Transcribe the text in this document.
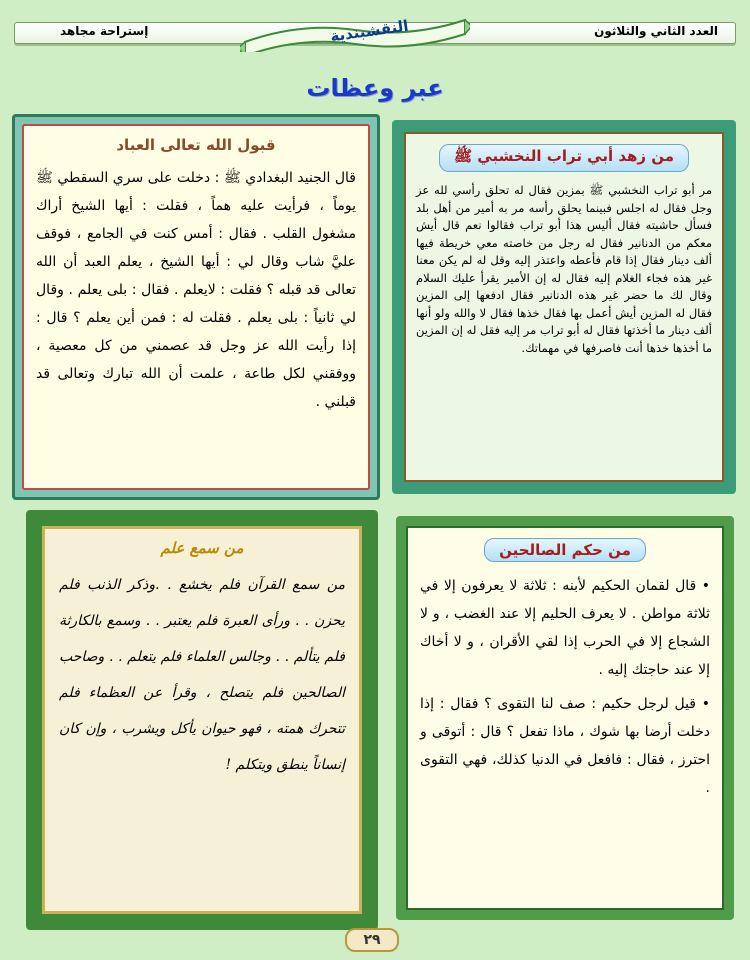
العدد الثاني والثلاثون
إستراحة مجاهد	النقشبندية
عبر وعظات
قبول الله تعالى العباد
قال الجنيد البغدادي ﷺ : دخلت على سري السقطي ﷺ يوماً ، فرأيت عليه هماً ، فقلت : أيها الشيخ أراك مشغول القلب . فقال : أمس كنت في الجامع ، فوقف عليَّ شاب وقال لي : أيها الشيخ ، يعلم العبد أن الله تعالى قد قبله ؟ فقلت : لايعلم . فقال : بلى يعلم . وقال لي ثانياً : بلى يعلم . فقلت له : فمن أين يعلم ؟ قال : إذا رأيت الله عز وجل قد عصمني من كل معصية ، ووفقني لكل طاعة ، علمت أن الله تبارك وتعالى قد قبلني .
من زهد أبي تراب النخشبي ﷺ
مر أبو تراب النخشبي ﷺ بمزين فقال له تحلق رأسي لله عز وجل فقال له اجلس فبينما يحلق رأسه مر به أمير من أهل بلد فسأل حاشيته فقال أليس هذا أبو تراب فقالوا نعم قال أيش معكم من الدنانير فقال له رجل من خاصته معي خريطة فيها ألف دينار فقال إذا قام فأعطه واعتذر إليه وقل له لم يكن معنا غير هذه فجاء الغلام إليه فقال له إن الأمير يقرأ عليك السلام وقال لك ما حضر غير هذه الدنانير فقال ادفعها إلى المزين فقال له المزين أيش أعمل بها فقال خذها فقال لا والله ولو أنها ألف دينار ما أخذتها فقال له أبو تراب مر إليه فقل له إن المزين ما أخذها خذها أنت فاصرفها في مهماتك.
من سمع علم
من سمع القرآن فلم يخشع . .وذكر الذنب فلم يحزن . . ورأى العبرة فلم يعتبر . . وسمع بالكارثة فلم يتألم . . وجالس العلماء فلم يتعلم . . وصاحب الصالحين فلم يتصلح ، وقرأ عن العظماء فلم تتحرك همته ، فهو حيوان يأكل ويشرب ، وإن كان إنساناً ينطق ويتكلم !
من حكم الصالحين
• قال لقمان الحكيم لأبنه : ثلاثة لا يعرفون إلا في ثلاثة مواطن . لا يعرف الحليم إلا عند الغضب ، و لا الشجاع إلا في الحرب إذا لقي الأقران ، و لا أخاك إلا عند حاجتك إليه .
• قيل لرجل حكيم : صف لنا التقوى ؟ فقال : إذا دخلت أرضا بها شوك ، ماذا تفعل ؟ قال : أتوقى و احترز ، فقال : فافعل في الدنيا كذلك، فهي التقوى .
٢٩
